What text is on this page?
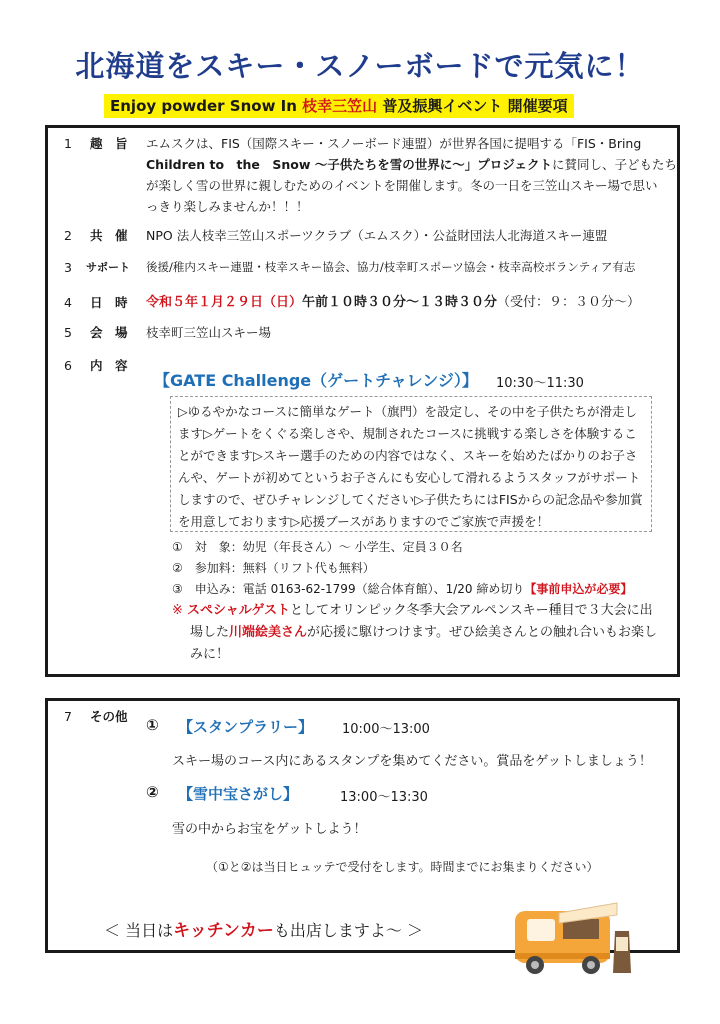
北海道をスキー・スノーボードで元気に！
Enjoy powder Snow In 枝幸三笠山 普及振興イベント 開催要項
1	趣　旨 エムスクは、FIS（国際スキー・スノーボード連盟）が世界各国に提唱する「FIS・Bring
Children to　the　Snow ～子供たちを雪の世界に～」プロジェクトに賛同し、子どもたち
が楽しく雪の世界に親しむためのイベントを開催します。冬の一日を三笠山スキー場で思い
っきり楽しみませんか！！！
2	共　催 NPO 法人枝幸三笠山スポーツクラブ（エムスク）・公益財団法人北海道スキー連盟
3	サポート 後援/稚内スキー連盟・枝幸スキー協会、協力/枝幸町スポーツ協会・枝幸高校ボランティア有志
4	日　時 令和５年１月２９日（日）午前１０時３０分～１３時３０分（受付：９：３０分～）
5	会　場 枝幸町三笠山スキー場
6	内　容
【GATE Challenge（ゲートチャレンジ）】 10:30～11:30
▷ゆるやかなコースに簡単なゲート（旗門）を設定し、その中を子供たちが滑走します▷ゲートをくぐる楽しさや、規制されたコースに挑戦する楽しさを体験することができます▷スキー選手のための内容ではなく、スキーを始めたばかりのお子さんや、ゲートが初めてというお子さんにも安心して滑れるようスタッフがサポートしますので、ぜひチャレンジしてください▷子供たちにはFISからの記念品や参加賞を用意しております▷応援ブースがありますのでご家族で声援を！
①　対　象：幼児（年長さん）～ 小学生、定員３０名
②　参加料：無料（リフト代も無料）
③　申込み：電話 0163-62-1799（総合体育館）、1/20 締め切り【事前申込が必要】
※ スペシャルゲストとしてオリンピック冬季大会アルペンスキー種目で３大会に出
場した川端絵美さんが応援に駆けつけます。ぜひ絵美さんとの触れ合いもお楽し
みに！
7 その他 ① 【スタンプラリー】 10:00～13:00
スキー場のコース内にあるスタンプを集めてください。賞品をゲットしましょう！
② 【雪中宝さがし】	13:00～13:30
雪の中からお宝をゲットしよう！
（①と②は当日ヒュッテで受付をします。時間までにお集まりください）
＜ 当日はキッチンカーも出店しますよ～ ＞
